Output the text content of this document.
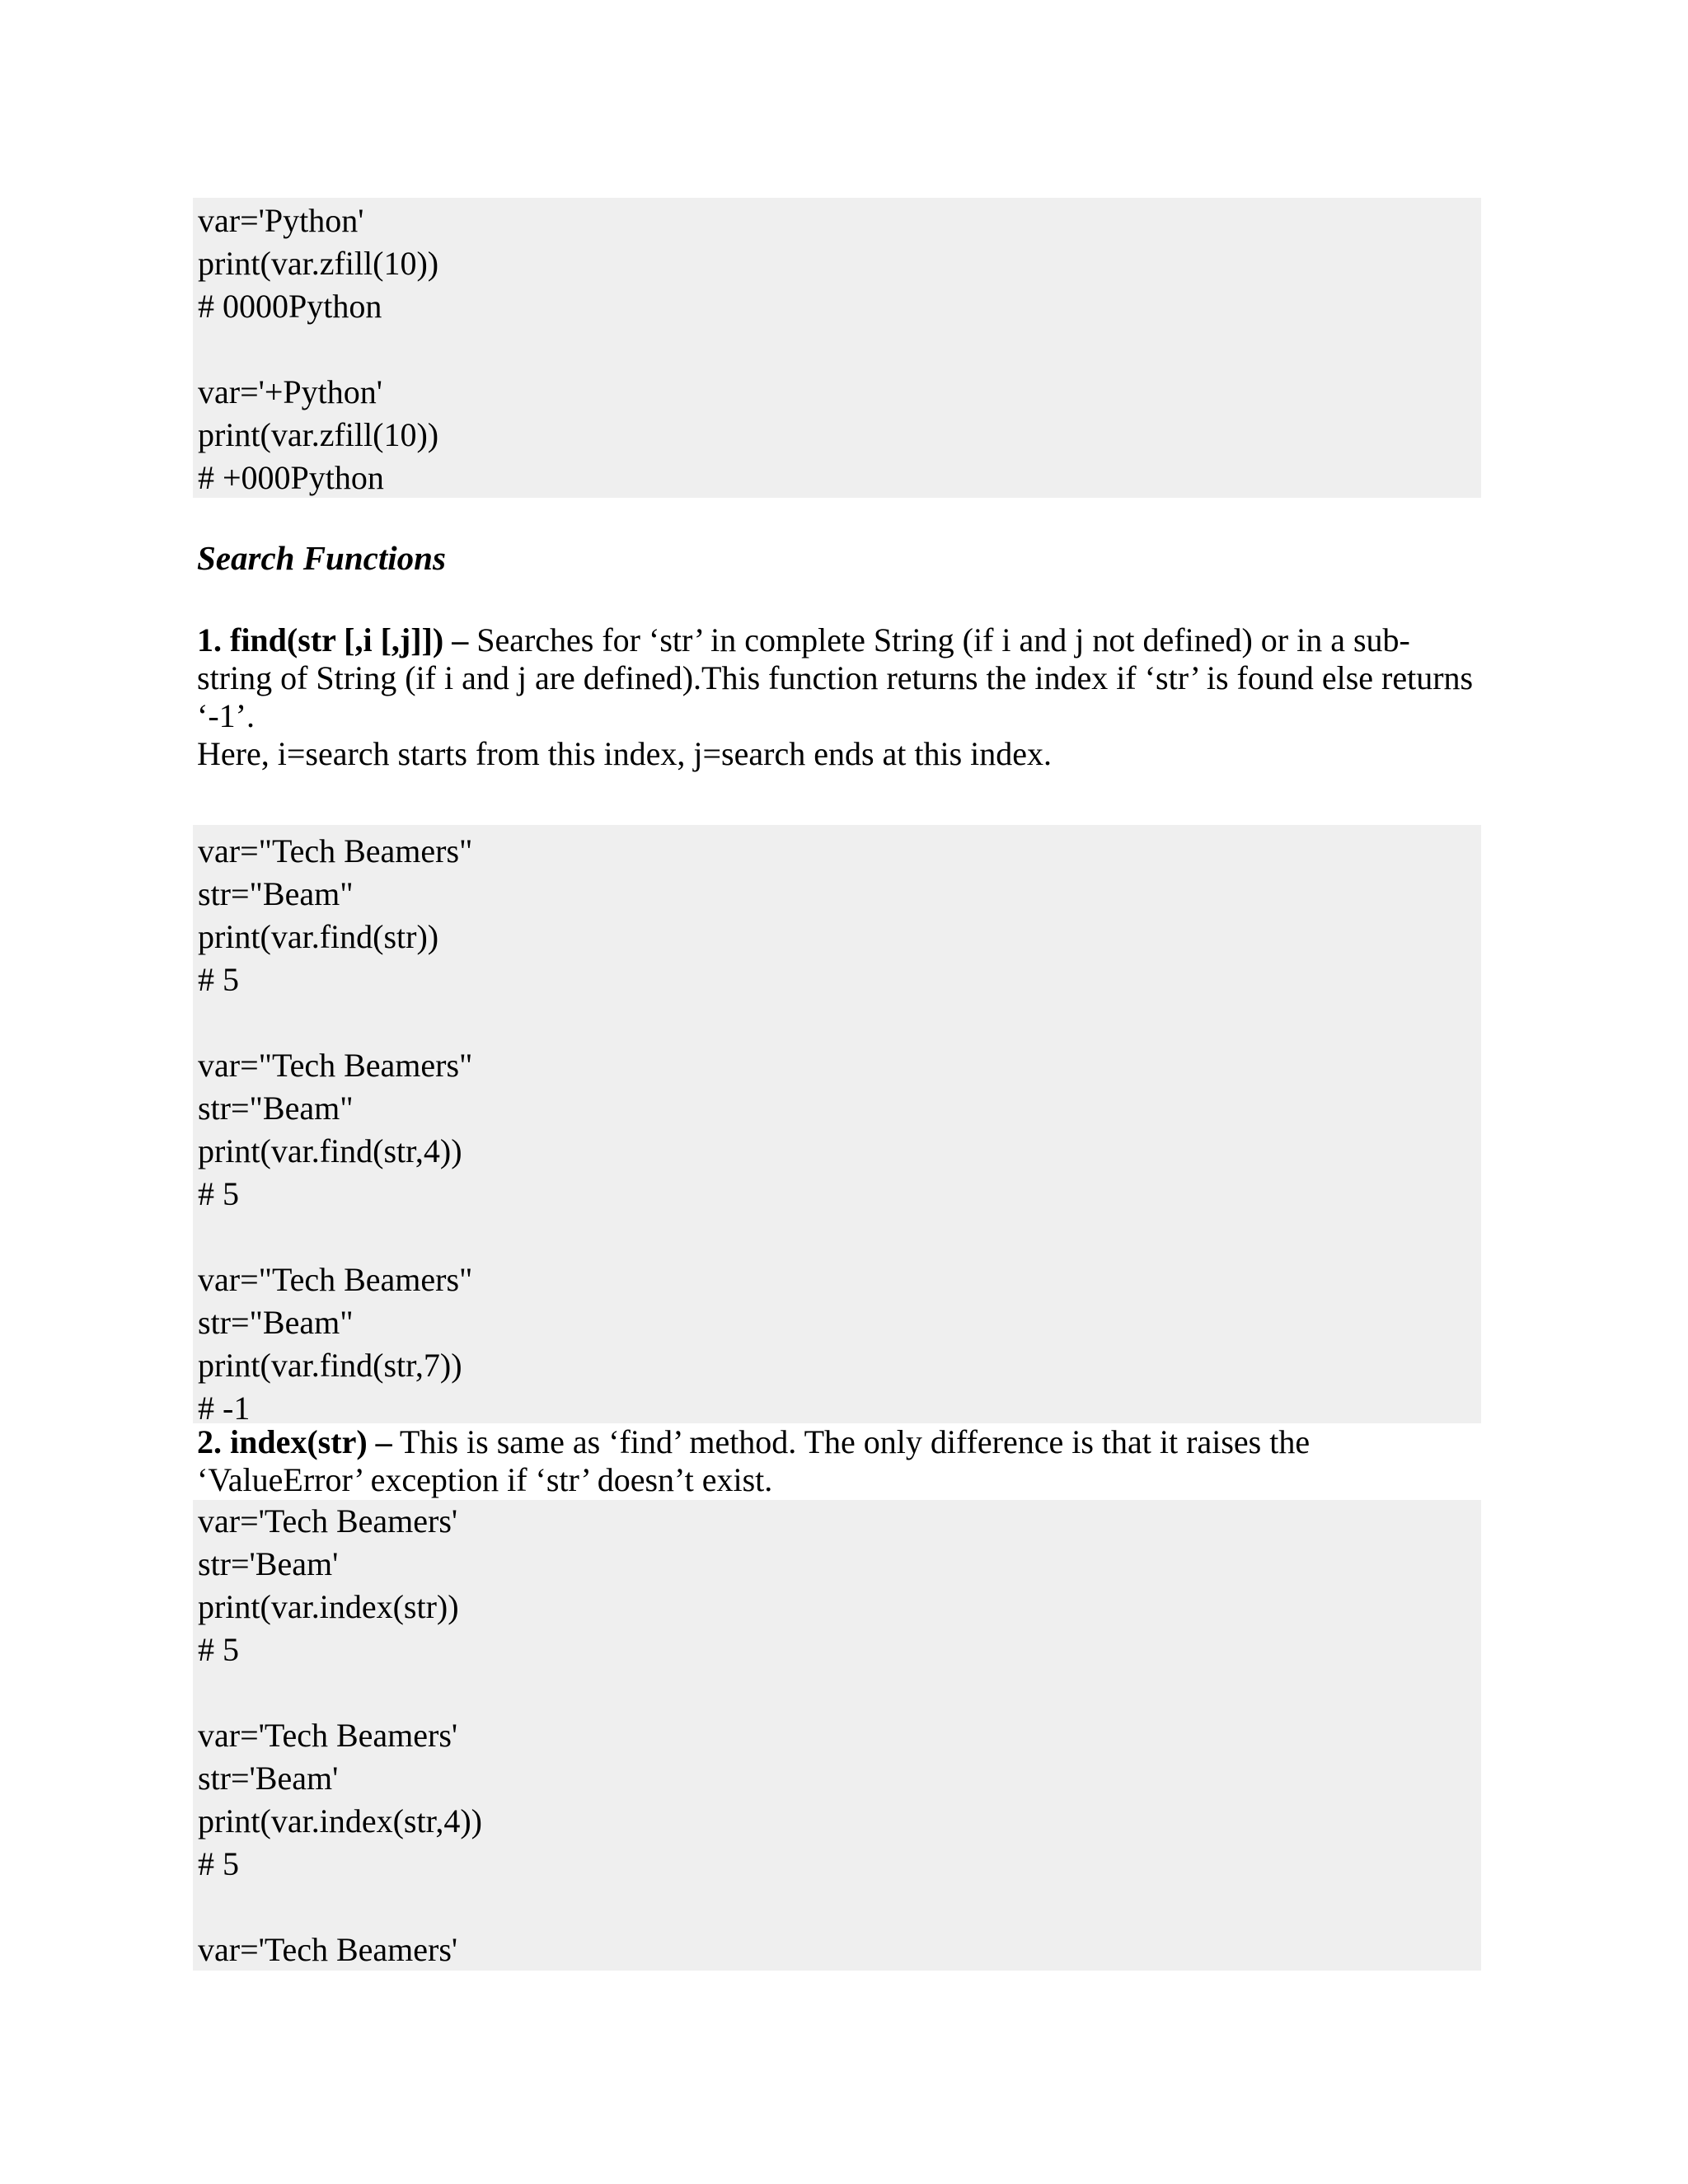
var='Python'
print(var.zfill(10))
# 0000Python
var='+Python'
print(var.zfill(10))
# +000Python
Search Functions
1. find(str [,i [,j]]) – Searches for ‘str’ in complete String (if i and j not defined) or in a sub-
string of String (if i and j are defined).This function returns the index if ‘str’ is found else returns
‘-1’.
Here, i=search starts from this index, j=search ends at this index.
var="Tech Beamers"
str="Beam"
print(var.find(str))
# 5
var="Tech Beamers"
str="Beam"
print(var.find(str,4))
# 5
var="Tech Beamers"
str="Beam"
print(var.find(str,7))
# -1
2. index(str) – This is same as ‘find’ method. The only difference is that it raises the
‘ValueError’ exception if ‘str’ doesn’t exist.
var='Tech Beamers'
str='Beam'
print(var.index(str))
# 5
var='Tech Beamers'
str='Beam'
print(var.index(str,4))
# 5
var='Tech Beamers'
